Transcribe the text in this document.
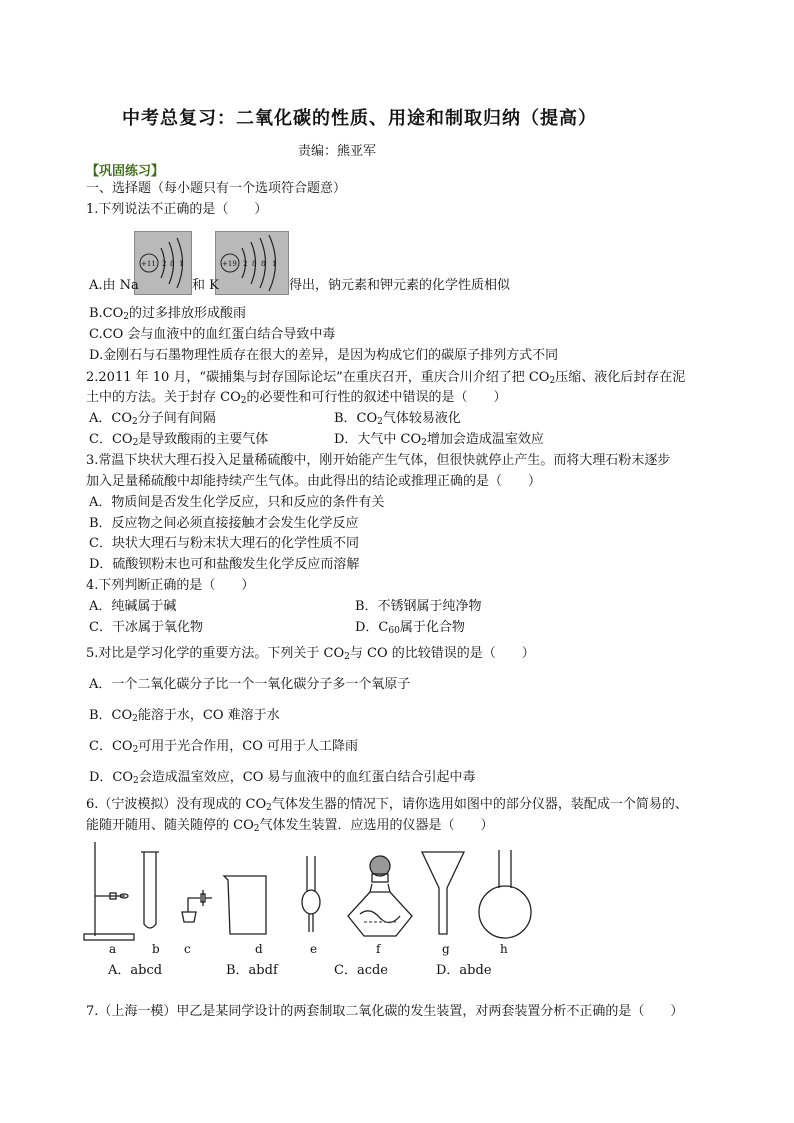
中考总复习：二氧化碳的性质、用途和制取归纳（提高）
责编：熊亚军
【巩固练习】
一、选择题（每小题只有一个选项符合题意）
1.下列说法不正确的是（　　）
+11 2 8 1	+19 2 8 8 1
A.由 Na	和 K	得出，钠元素和钾元素的化学性质相似
$B.CO_2$的过多排放形成酸雨
C.CO 会与血液中的血红蛋白结合导致中毒
D.金刚石与石墨物理性质存在很大的差异，是因为构成它们的碳原子排列方式不同
2.2011 年 10 月，“碳捕集与封存国际论坛”在重庆召开，重庆合川介绍了把 $CO_2$压缩、液化后封存在泥
土中的方法。关于封存 $CO_2$的必要性和可行性的叙述中错误的是（　　）
A．$CO_2$分子间有间隔	B．$CO_2$气体较易液化
C．$CO_2$是导致酸雨的主要气体	D．大气中 $CO_2$增加会造成温室效应
3.常温下块状大理石投入足量稀硫酸中，刚开始能产生气体，但很快就停止产生。而将大理石粉末逐步
加入足量稀硫酸中却能持续产生气体。由此得出的结论或推理正确的是（　　）
A．物质间是否发生化学反应，只和反应的条件有关
B．反应物之间必须直接接触才会发生化学反应
C．块状大理石与粉末状大理石的化学性质不同
D．硫酸钡粉末也可和盐酸发生化学反应而溶解
4.下列判断正确的是（　　）
A．纯碱属于碱	B．不锈钢属于纯净物
C．干冰属于氧化物	D．$C_{60}$属于化合物
5.对比是学习化学的重要方法。下列关于 $CO_2$与 CO 的比较错误的是（　　）
A．一个二氧化碳分子比一个一氧化碳分子多一个氧原子
B．$CO_2$能溶于水，CO 难溶于水
C．$CO_2$可用于光合作用，CO 可用于人工降雨
D．$CO_2$会造成温室效应，CO 易与血液中的血红蛋白结合引起中毒
6.（宁波模拟）没有现成的 $CO_2$气体发生器的情况下，请你选用如图中的部分仪器，装配成一个简易的、
能随开随用、随关随停的 $CO_2$气体发生装置．应选用的仪器是（　　）
a	b c	d	e	f	g	h
A．abcd	B．abdf	C．acde	D．abde
7.（上海一模）甲乙是某同学设计的两套制取二氧化碳的发生装置，对两套装置分析不正确的是（　　）
